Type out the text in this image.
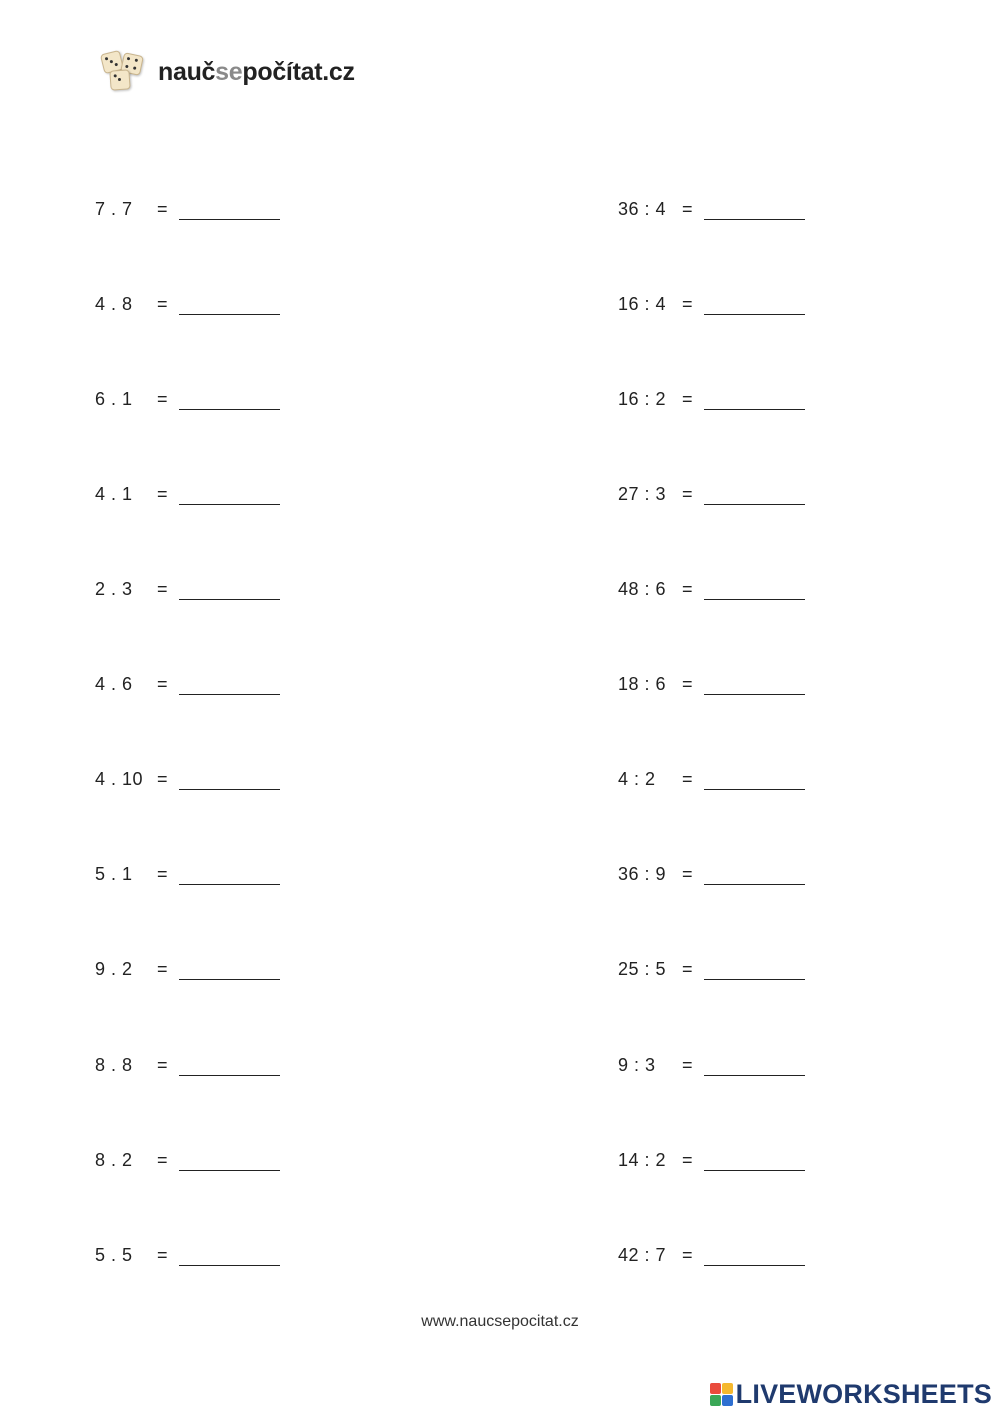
naučsepočítat.cz
7 . 7	=
4 . 8	=
6 . 1	=
4 . 1	=
2 . 3	=
4 . 6	=
4 . 10 =
5 . 1	=
9 . 2	=
8 . 8	=
8 . 2	=
5 . 5	=
36 : 4 =
16 : 4 =
16 : 2 =
27 : 3 =
48 : 6 =
18 : 6 =
4 : 2	=
36 : 9 =
25 : 5 =
9 : 3	=
14 : 2 =
42 : 7 =
www.naucsepocitat.cz
LIVEWORKSHEETS
